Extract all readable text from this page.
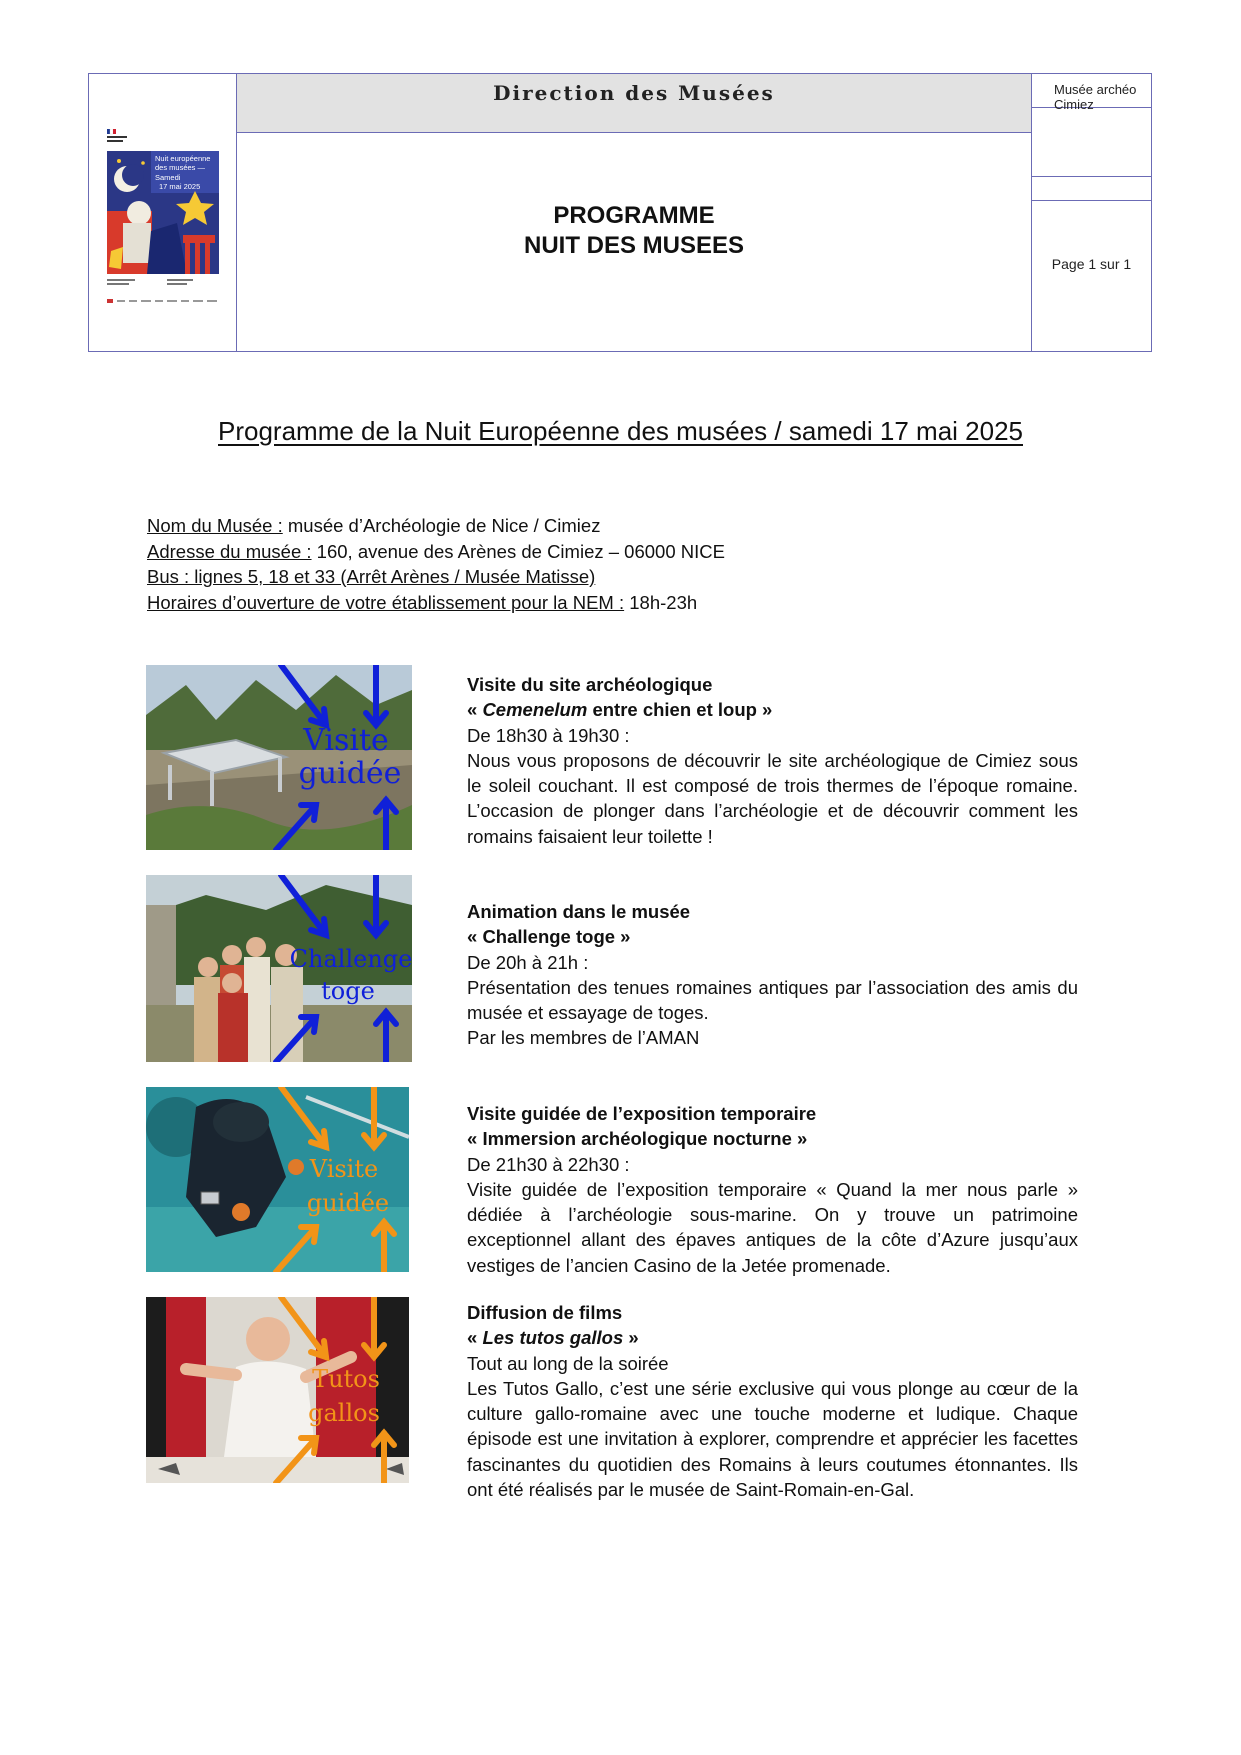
Nuit européenne
des musées —
Samedi
17 mai 2025
Direction des Musées
PROGRAMME
NUIT DES MUSEES
Musée archéo Cimiez
Page 1 sur 1
Programme de la Nuit Européenne des musées / samedi 17 mai 2025
Nom du Musée : musée d’Archéologie de Nice / Cimiez
Adresse du musée : 160, avenue des Arènes de Cimiez – 06000 NICE
Bus : lignes 5, 18 et 33 (Arrêt Arènes / Musée Matisse)
Horaires d’ouverture de votre établissement pour la NEM : 18h-23h
Visite
guidée
Visite du site archéologique
« Cemenelum entre chien et loup »
De 18h30 à 19h30 :
Nous vous proposons de découvrir le site archéologique de Cimiez sous le soleil couchant. Il est composé de trois thermes de l’époque romaine. L’occasion de plonger dans l’archéologie et de découvrir comment les romains faisaient leur toilette !
Challenge
toge
Animation dans le musée
« Challenge toge »
De 20h à 21h :
Présentation des tenues romaines antiques par l’association des amis du musée et essayage de toges.
Par les membres de l’AMAN
Visite
guidée
Visite guidée de l’exposition temporaire
« Immersion archéologique nocturne »
De 21h30 à 22h30 :
Visite guidée de l’exposition temporaire « Quand la mer nous parle » dédiée à l’archéologie sous-marine. On y trouve un patrimoine exceptionnel allant des épaves antiques de la côte d’Azure jusqu’aux vestiges de l’ancien Casino de la Jetée promenade.
Tutos
gallos
Diffusion de films
« Les tutos gallos »
Tout au long de la soirée
Les Tutos Gallo, c’est une série exclusive qui vous plonge au cœur de la culture gallo-romaine avec une touche moderne et ludique. Chaque épisode est une invitation à explorer, comprendre et apprécier les facettes fascinantes du quotidien des Romains à leurs coutumes étonnantes. Ils ont été réalisés par le musée de Saint-Romain-en-Gal.
